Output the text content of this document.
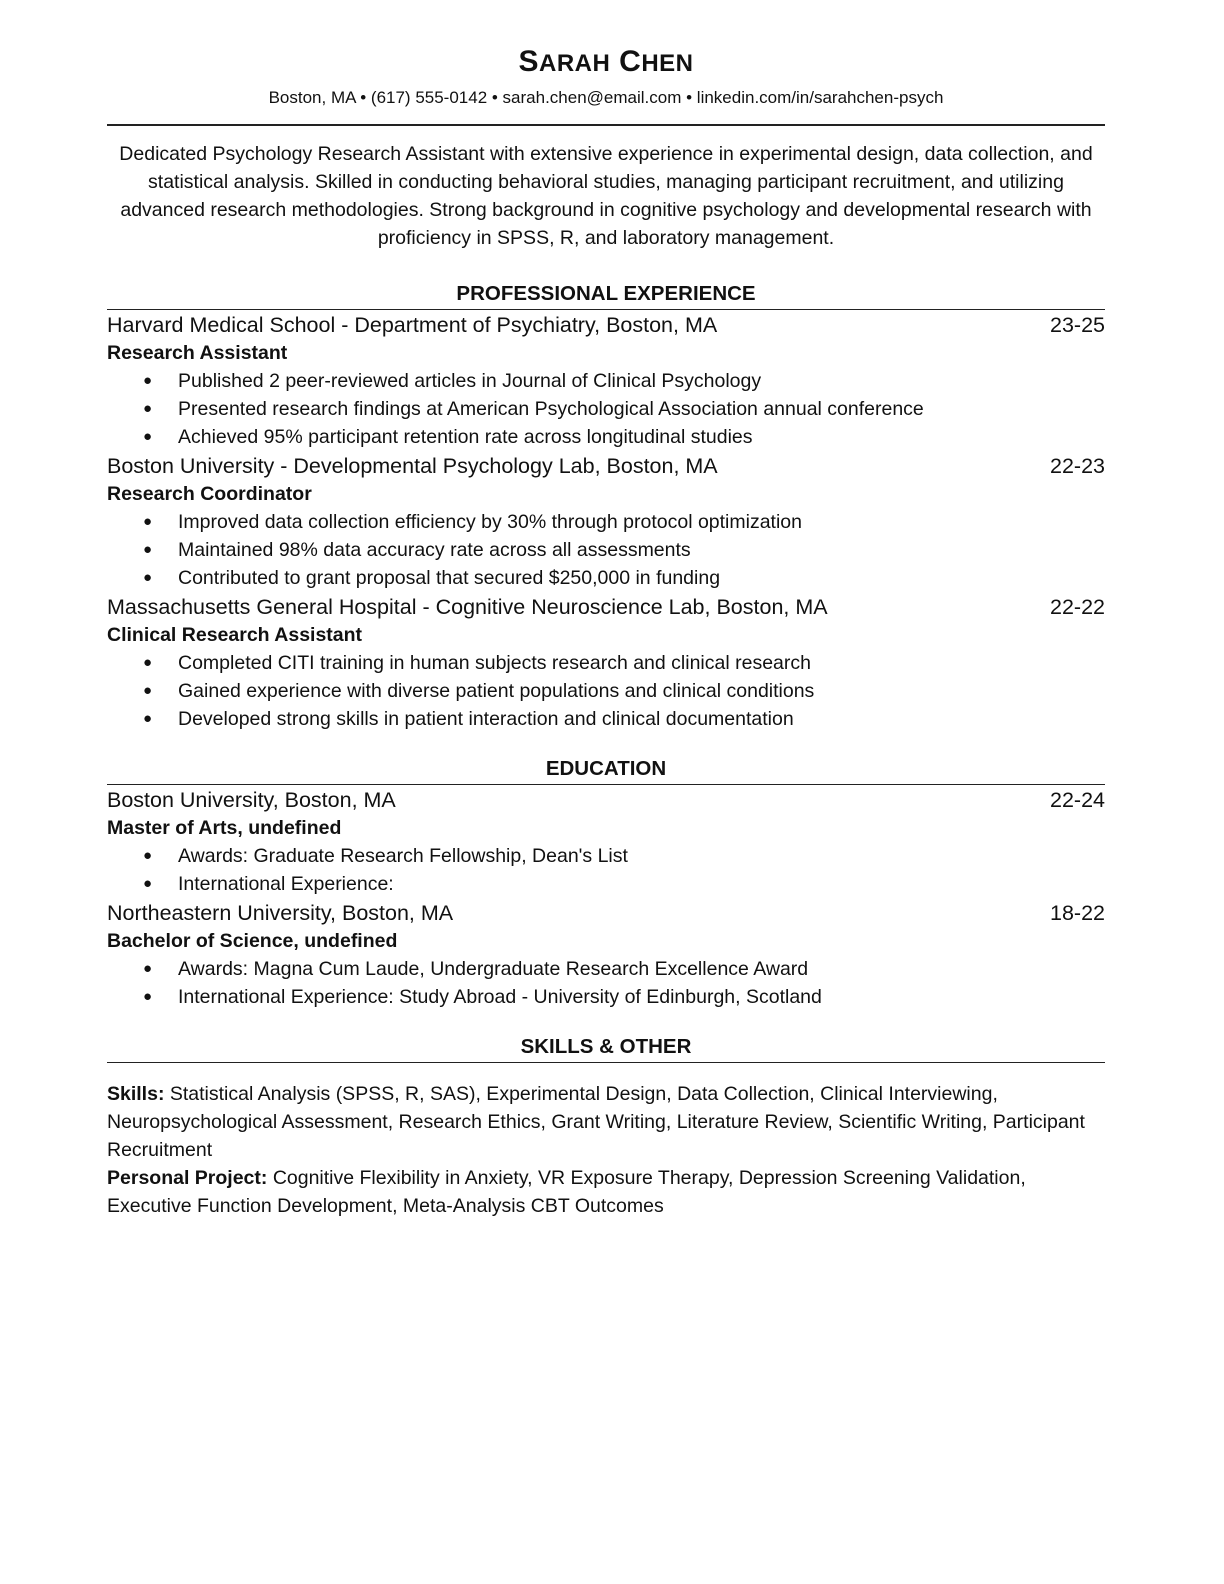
SARAH CHEN
Boston, MA • (617) 555-0142 • sarah.chen@email.com • linkedin.com/in/sarahchen-psych
Dedicated Psychology Research Assistant with extensive experience in experimental design, data collection, and statistical analysis. Skilled in conducting behavioral studies, managing participant recruitment, and utilizing advanced research methodologies. Strong background in cognitive psychology and developmental research with proficiency in SPSS, R, and laboratory management.
PROFESSIONAL EXPERIENCE
Harvard Medical School - Department of Psychiatry, Boston, MA	23-25
Research Assistant
● Published 2 peer-reviewed articles in Journal of Clinical Psychology
● Presented research findings at American Psychological Association annual conference
● Achieved 95% participant retention rate across longitudinal studies
Boston University - Developmental Psychology Lab, Boston, MA	22-23
Research Coordinator
● Improved data collection efficiency by 30% through protocol optimization
● Maintained 98% data accuracy rate across all assessments
● Contributed to grant proposal that secured $250,000 in funding
Massachusetts General Hospital - Cognitive Neuroscience Lab, Boston, MA	22-22
Clinical Research Assistant
● Completed CITI training in human subjects research and clinical research
● Gained experience with diverse patient populations and clinical conditions
● Developed strong skills in patient interaction and clinical documentation
EDUCATION
Boston University, Boston, MA	22-24
Master of Arts, undefined
● Awards: Graduate Research Fellowship, Dean's List
● International Experience:
Northeastern University, Boston, MA	18-22
Bachelor of Science, undefined
● Awards: Magna Cum Laude, Undergraduate Research Excellence Award
● International Experience: Study Abroad - University of Edinburgh, Scotland
SKILLS & OTHER
Skills: Statistical Analysis (SPSS, R, SAS), Experimental Design, Data Collection, Clinical Interviewing, Neuropsychological Assessment, Research Ethics, Grant Writing, Literature Review, Scientific Writing, Participant Recruitment
Personal Project: Cognitive Flexibility in Anxiety, VR Exposure Therapy, Depression Screening Validation, Executive Function Development, Meta-Analysis CBT Outcomes
